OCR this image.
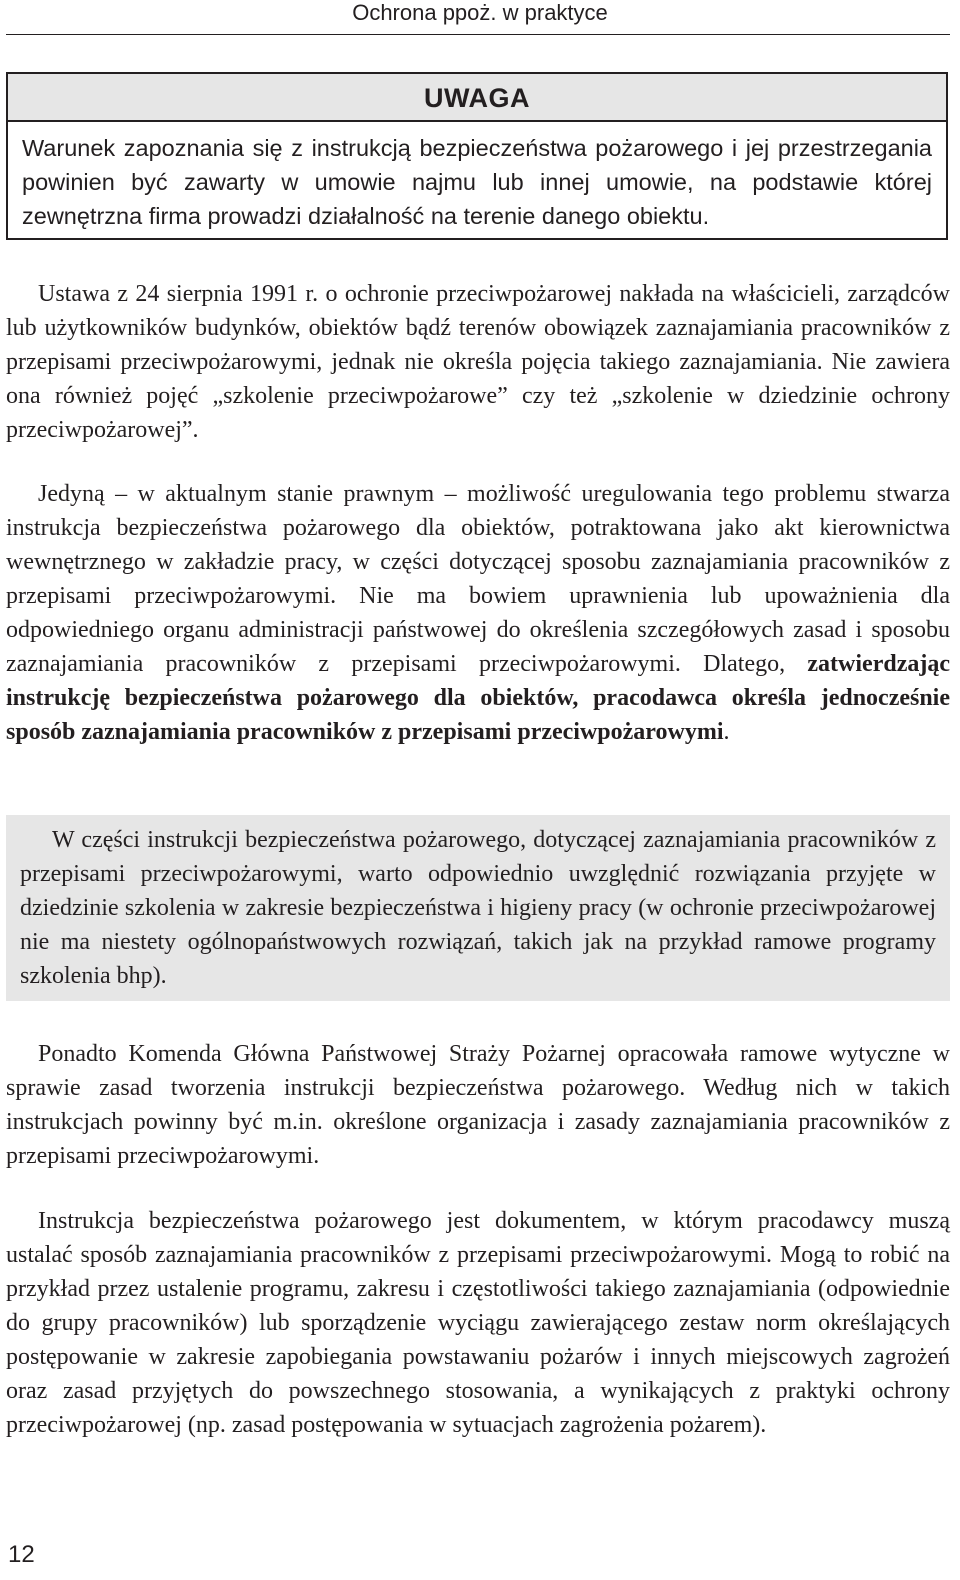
Ochrona ppoż. w praktyce
UWAGA

Warunek zapoznania się z instrukcją bezpieczeństwa pożarowego i jej przestrzegania powinien być zawarty w umowie najmu lub innej umowie, na podstawie której zewnętrzna firma prowadzi działalność na terenie danego obiektu.

Ustawa z 24 sierpnia 1991 r. o ochronie przeciwpożarowej nakłada na właścicieli, zarządców lub użytkowników budynków, obiektów bądź terenów obowiązek zaznajamiania pracowników z przepisami przeciwpożarowymi, jednak nie określa pojęcia takiego zaznajamiania. Nie zawiera ona również pojęć „szkolenie przeciwpożarowe” czy też „szkolenie w dziedzinie ochrony przeciwpożarowej”.

Jedyną – w aktualnym stanie prawnym – możliwość uregulowania tego problemu stwarza instrukcja bezpieczeństwa pożarowego dla obiektów, potraktowana jako akt kierownictwa wewnętrznego w zakładzie pracy, w części dotyczącej sposobu zaznajamiania pracowników z przepisami przeciwpożarowymi. Nie ma bowiem uprawnienia lub upoważnienia dla odpowiedniego organu administracji państwowej do określenia szczegółowych zasad i sposobu zaznajamiania pracowników z przepisami przeciwpożarowymi. Dlatego, zatwierdzając instrukcję bezpieczeństwa pożarowego dla obiektów, pracodawca określa jednocześnie sposób zaznajamiania pracowników z przepisami przeciwpożarowymi.

W części instrukcji bezpieczeństwa pożarowego, dotyczącej zaznajamiania pracowników z przepisami przeciwpożarowymi, warto odpowiednio uwzględnić rozwiązania przyjęte w dziedzinie szkolenia w zakresie bezpieczeństwa i higieny pracy (w ochronie przeciwpożarowej nie ma niestety ogólnopaństwowych rozwiązań, takich jak na przykład ramowe programy szkolenia bhp).

Ponadto Komenda Główna Państwowej Straży Pożarnej opracowała ramowe wytyczne w sprawie zasad tworzenia instrukcji bezpieczeństwa pożarowego. Według nich w takich instrukcjach powinny być m.in. określone organizacja i zasady zaznajamiania pracowników z przepisami przeciwpożarowymi.

Instrukcja bezpieczeństwa pożarowego jest dokumentem, w którym pracodawcy muszą ustalać sposób zaznajamiania pracowników z przepisami przeciwpożarowymi. Mogą to robić na przykład przez ustalenie programu, zakresu i częstotliwości takiego zaznajamiania (odpowiednie do grupy pracowników) lub sporządzenie wyciągu zawierającego zestaw norm określających postępowanie w zakresie zapobiegania powstawaniu pożarów i innych miejscowych zagrożeń oraz zasad przyjętych do powszechnego stosowania, a wynikających z praktyki ochrony przeciwpożarowej (np. zasad postępowania w sytuacjach zagrożenia pożarem).

12
